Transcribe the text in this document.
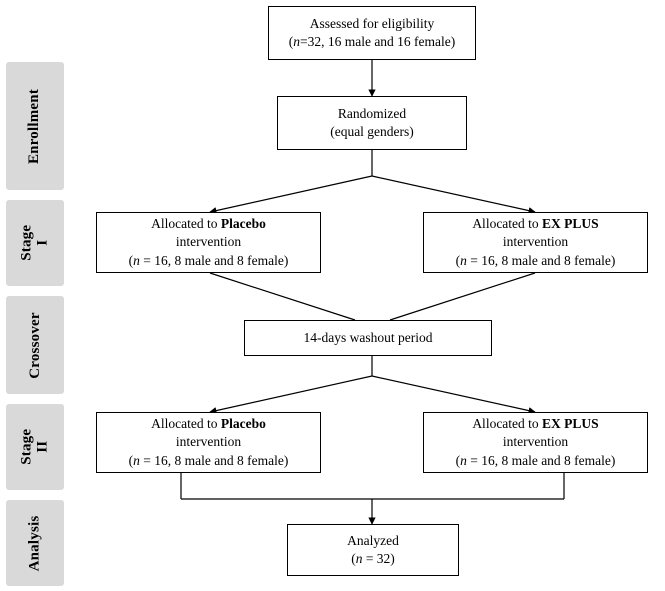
Enrollment
Stage
I
Crossover
Stage
II
Analysis
Assessed for eligibility
(n=32, 16 male and 16 female)
Randomized
(equal genders)
Allocated to Placebo
intervention
(n = 16, 8 male and 8 female)
Allocated to EX PLUS
intervention
(n = 16, 8 male and 8 female)
14-days washout period
Allocated to Placebo
intervention
(n = 16, 8 male and 8 female)
Allocated to EX PLUS
intervention
(n = 16, 8 male and 8 female)
Analyzed
(n = 32)
